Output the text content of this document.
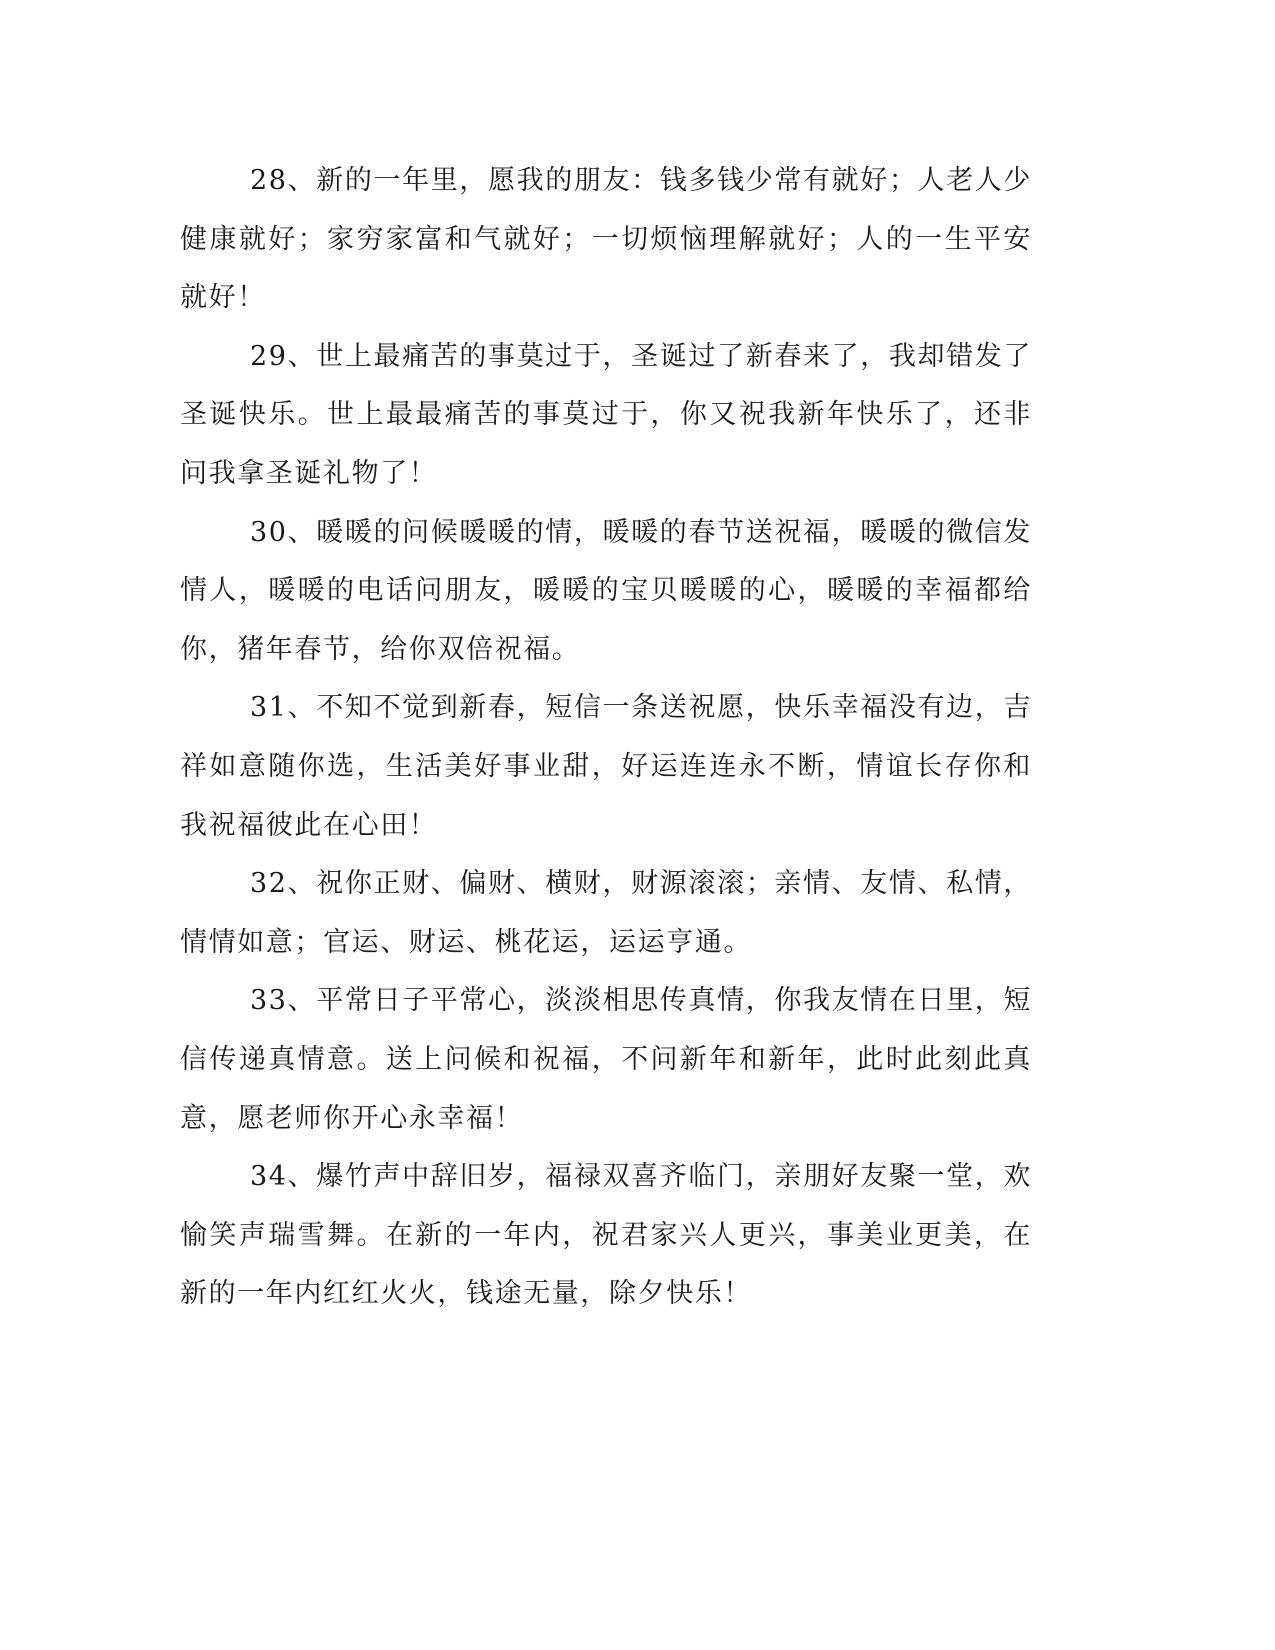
28、新的一年里，愿我的朋友：钱多钱少常有就好；人老人少健康就好；家穷家富和气就好；一切烦恼理解就好；人的一生平安就好！

29、世上最痛苦的事莫过于，圣诞过了新春来了，我却错发了圣诞快乐。世上最最痛苦的事莫过于，你又祝我新年快乐了，还非问我拿圣诞礼物了！

30、暖暖的问候暖暖的情，暖暖的春节送祝福，暖暖的微信发情人，暖暖的电话问朋友，暖暖的宝贝暖暖的心，暖暖的幸福都给你，猪年春节，给你双倍祝福。

31、不知不觉到新春，短信一条送祝愿，快乐幸福没有边，吉祥如意随你选，生活美好事业甜，好运连连永不断，情谊长存你和我祝福彼此在心田！

32、祝你正财、偏财、横财，财源滚滚；亲情、友情、私情，情情如意；官运、财运、桃花运，运运亨通。

33、平常日子平常心，淡淡相思传真情，你我友情在日里，短信传递真情意。送上问候和祝福，不问新年和新年，此时此刻此真意，愿老师你开心永幸福！

34、爆竹声中辞旧岁，福禄双喜齐临门，亲朋好友聚一堂，欢愉笑声瑞雪舞。在新的一年内，祝君家兴人更兴，事美业更美，在新的一年内红红火火，钱途无量，除夕快乐！
